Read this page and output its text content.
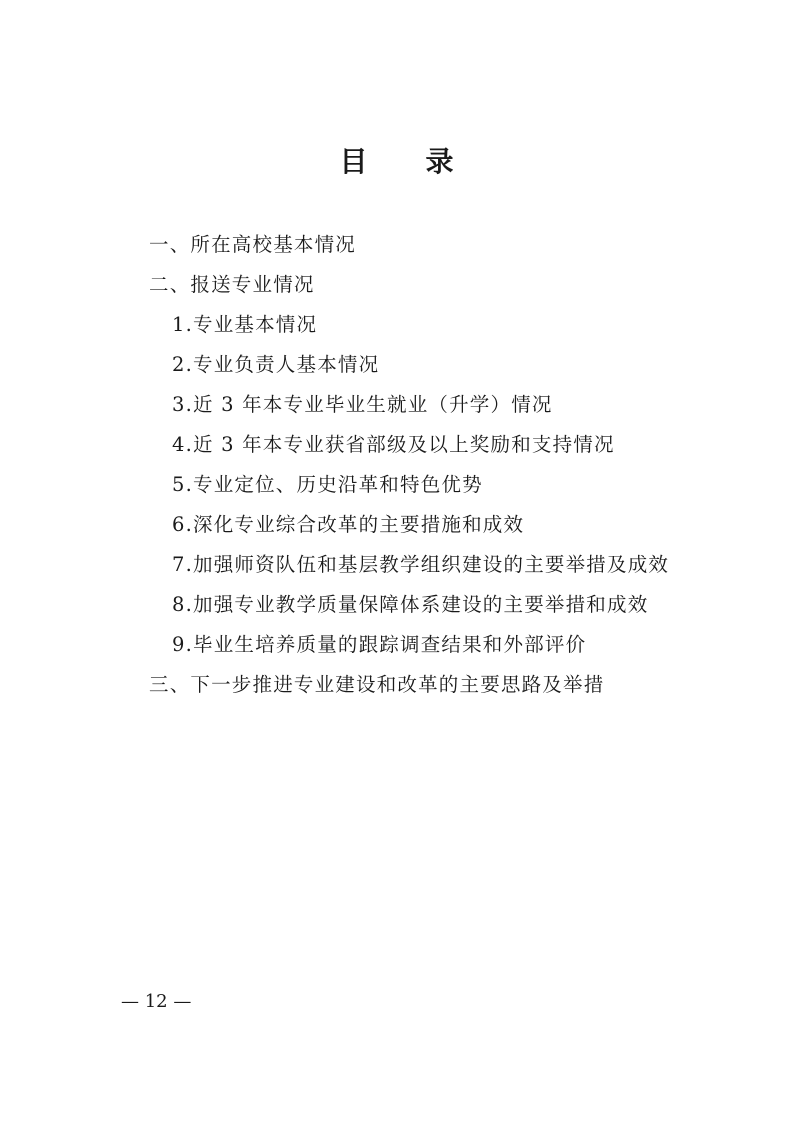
目 录
一、所在高校基本情况
二、报送专业情况
1.专业基本情况
2.专业负责人基本情况
3.近 3 年本专业毕业生就业（升学）情况
4.近 3 年本专业获省部级及以上奖励和支持情况
5.专业定位、历史沿革和特色优势
6.深化专业综合改革的主要措施和成效
7.加强师资队伍和基层教学组织建设的主要举措及成效
8.加强专业教学质量保障体系建设的主要举措和成效
9.毕业生培养质量的跟踪调查结果和外部评价
三、下一步推进专业建设和改革的主要思路及举措
— 12 —
